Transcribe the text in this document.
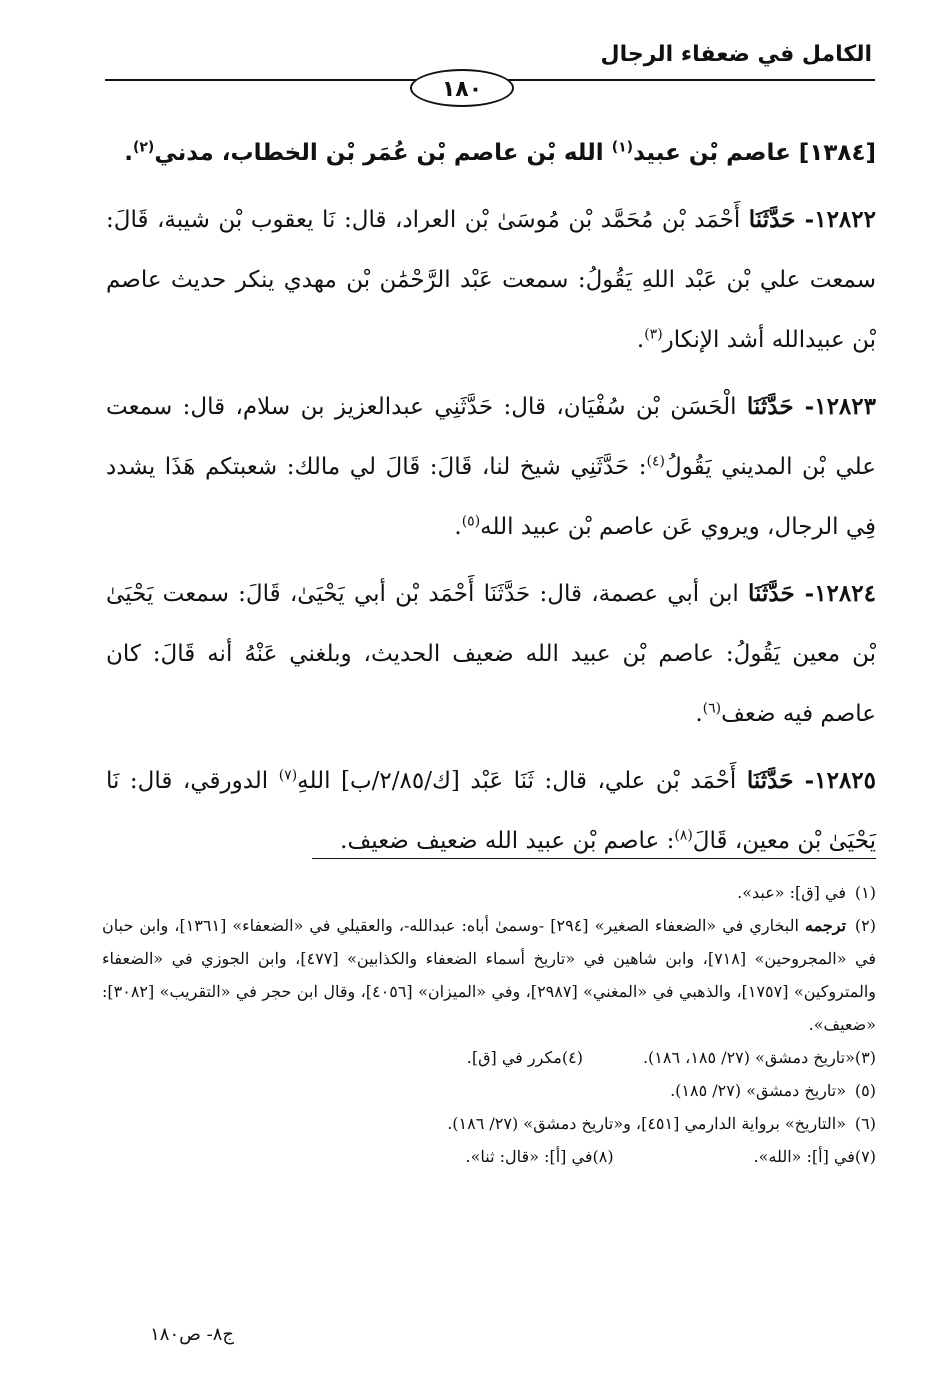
الكامل في ضعفاء الرجال
١٨٠
[١٣٨٤] عاصم بْن عبيد$^{(١)}$ الله بْن عاصم بْن عُمَر بْن الخطاب، مدني$^{(٢)}$.

١٢٨٢٢- حَدَّثَنَا أَحْمَد بْن مُحَمَّد بْن مُوسَىٰ بْن العراد، قال: نَا يعقوب بْن شيبة، قَالَ: سمعت علي بْن عَبْد اللهِ يَقُولُ: سمعت عَبْد الرَّحْمَٰن بْن مهدي ينكر حديث عاصم بْن عبيدالله أشد الإنكار$^{(٣)}$.

١٢٨٢٣- حَدَّثَنَا الْحَسَن بْن سُفْيَان، قال: حَدَّثَنِي عبدالعزيز بن سلام، قال: سمعت علي بْن المديني يَقُولُ$^{(٤)}$: حَدَّثَنِي شيخ لنا، قَالَ: قَالَ لي مالك: شعبتكم هَذَا يشدد فِي الرجال، ويروي عَن عاصم بْن عبيد الله$^{(٥)}$.

١٢٨٢٤- حَدَّثَنَا ابن أبي عصمة، قال: حَدَّثَنَا أَحْمَد بْن أبي يَحْيَىٰ، قَالَ: سمعت يَحْيَىٰ بْن معين يَقُولُ: عاصم بْن عبيد الله ضعيف الحديث، وبلغني عَنْهُ أنه قَالَ: كان عاصم فيه ضعف$^{(٦)}$.

١٢٨٢٥- حَدَّثَنَا أَحْمَد بْن علي، قال: ثَنَا عَبْد [ك/٢/٨٥/ب] اللهِ$^{(٧)}$ الدورقي، قال: نَا يَحْيَىٰ بْن معين، قَالَ$^{(٨)}$: عاصم بْن عبيد الله ضعيف ضعيف.

(١)في [ق]: «عبد».

(٢)ترجمه البخاري في «الضعفاء الصغير» [٢٩٤] -وسمىٰ أباه: عبدالله-، والعقيلي في «الضعفاء» [١٣٦١]، وابن حبان في «المجروحين» [٧١٨]، وابن شاهين في «تاريخ أسماء الضعفاء والكذابين» [٤٧٧]، وابن الجوزي في «الضعفاء والمتروكين» [١٧٥٧]، والذهبي في «المغني» [٢٩٨٧]، وفي «الميزان» [٤٠٥٦]، وقال ابن حجر في «التقريب» [٣٠٨٢]: «ضعيف».

(٣)«تاريخ دمشق» (٢٧/ ١٨٥، ١٨٦).
(٤)مكرر في [ق].

(٥)«تاريخ دمشق» (٢٧/ ١٨٥).

(٦)«التاريخ» برواية الدارمي [٤٥١]، و«تاريخ دمشق» (٢٧/ ١٨٦).

(٧)في [أ]: «الله».
(٨)في [أ]: «قال: ثنا».
ج٨- ص١٨٠
